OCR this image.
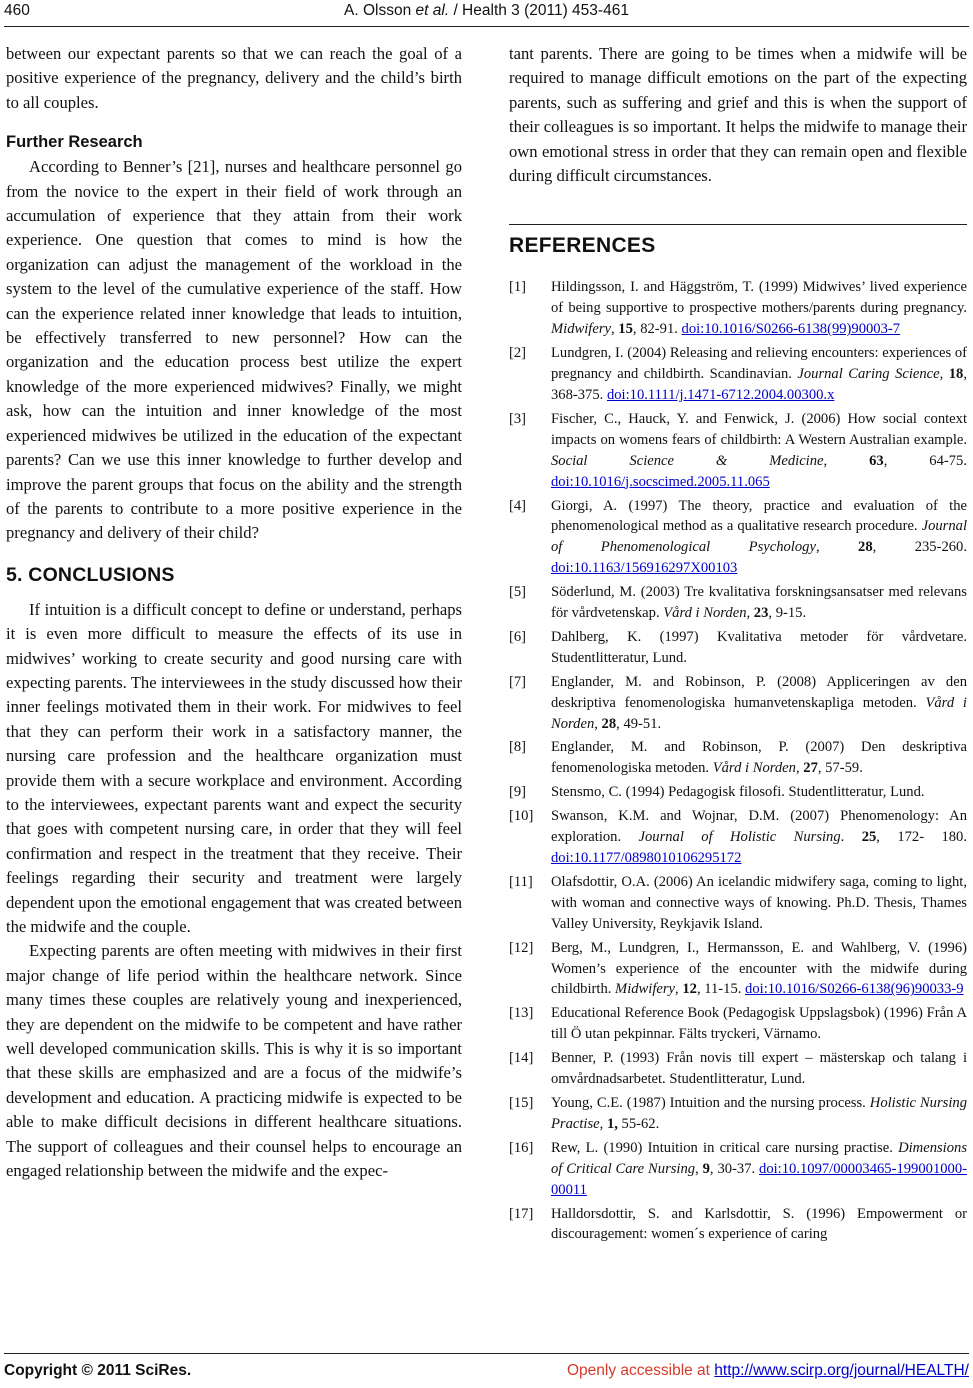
460	A. Olsson et al. / Health 3 (2011) 453-461

between our expectant parents so that we can reach the goal of a positive experience of the pregnancy, delivery and the child’s birth to all couples.

Further Research

According to Benner’s [21], nurses and healthcare personnel go from the novice to the expert in their field of work through an accumulation of experience that they attain from their work experience. One question that comes to mind is how the organization can adjust the management of the workload in the system to the level of the cumulative experience of the staff. How can the experience related inner knowledge that leads to intuition, be effectively transferred to new personnel? How can the organization and the education process best utilize the expert knowledge of the more experienced midwives? Finally, we might ask, how can the intuition and inner knowledge of the most experienced midwives be utilized in the education of the expectant parents? Can we use this inner knowledge to further develop and improve the parent groups that focus on the ability and the strength of the parents to contribute to a more positive experience in the pregnancy and delivery of their child?

5. CONCLUSIONS

If intuition is a difficult concept to define or understand, perhaps it is even more difficult to measure the effects of its use in midwives’ working to create security and good nursing care with expecting parents. The interviewees in the study discussed how their inner feelings motivated them in their work. For midwives to feel that they can perform their work in a satisfactory manner, the nursing care profession and the healthcare organization must provide them with a secure workplace and environment. According to the interviewees, expectant parents want and expect the security that goes with competent nursing care, in order that they will feel confirmation and respect in the treatment that they receive. Their feelings regarding their security and treatment were largely dependent upon the emotional engagement that was created between the midwife and the couple.

Expecting parents are often meeting with midwives in their first major change of life period within the healthcare network. Since many times these couples are relatively young and inexperienced, they are dependent on the midwife to be competent and have rather well developed communication skills. This is why it is so important that these skills are emphasized and are a focus of the midwife’s development and education. A practicing midwife is expected to be able to make difficult decisions in different healthcare situations. The support of colleagues and their counsel helps to encourage an engaged relationship between the midwife and the expec-

tant parents. There are going to be times when a midwife will be required to manage difficult emotions on the part of the expecting parents, such as suffering and grief and this is when the support of their colleagues is so important. It helps the midwife to manage their own emotional stress in order that they can remain open and flexible during difficult circumstances.

REFERENCES
[1] Hildingsson, I. and Häggström, T. (1999) Midwives’ lived experience of being supportive to prospective mothers/parents during pregnancy. Midwifery, 15, 82-91. doi:10.1016/S0266-6138(99)90003-7
[2] Lundgren, I. (2004) Releasing and relieving encounters: experiences of pregnancy and childbirth. Scandinavian. Journal Caring Science, 18, 368-375. doi:10.1111/j.1471-6712.2004.00300.x
[3] Fischer, C., Hauck, Y. and Fenwick, J. (2006) How social context impacts on womens fears of childbirth: A Western Australian example. Social Science & Medicine, 63, 64-75. doi:10.1016/j.socscimed.2005.11.065
[4] Giorgi, A. (1997) The theory, practice and evaluation of the phenomenological method as a qualitative research procedure. Journal of Phenomenological Psychology, 28, 235-260. doi:10.1163/156916297X00103
[5] Söderlund, M. (2003) Tre kvalitativa forskningsansatser med relevans för vårdvetenskap. Vård i Norden, 23, 9-15.
[6] Dahlberg, K. (1997) Kvalitativa metoder för vårdvetare. Studentlitteratur, Lund.
[7] Englander, M. and Robinson, P. (2008) Appliceringen av den deskriptiva fenomenologiska humanvetenskapliga metoden. Vård i Norden, 28, 49-51.
[8] Englander, M. and Robinson, P. (2007) Den deskriptiva fenomenologiska metoden. Vård i Norden, 27, 57-59.
[9] Stensmo, C. (1994) Pedagogisk filosofi. Studentlitteratur, Lund.
[10] Swanson, K.M. and Wojnar, D.M. (2007) Phenomenology: An exploration. Journal of Holistic Nursing. 25, 172- 180. doi:10.1177/0898010106295172
[11] Olafsdottir, O.A. (2006) An icelandic midwifery saga, coming to light, with woman and connective ways of knowing. Ph.D. Thesis, Thames Valley University, Reykjavik Island.
[12] Berg, M., Lundgren, I., Hermansson, E. and Wahlberg, V. (1996) Women’s experience of the encounter with the midwife during childbirth. Midwifery, 12, 11-15. doi:10.1016/S0266-6138(96)90033-9
[13] Educational Reference Book (Pedagogisk Uppslagsbok) (1996) Från A till Ö utan pekpinnar. Fälts tryckeri, Värnamo.
[14] Benner, P. (1993) Från novis till expert – mästerskap och talang i omvårdnadsarbetet. Studentlitteratur, Lund.
[15] Young, C.E. (1987) Intuition and the nursing process. Holistic Nursing Practise, 1, 55-62.
[16] Rew, L. (1990) Intuition in critical care nursing practise. Dimensions of Critical Care Nursing, 9, 30-37. doi:10.1097/00003465-199001000-00011
[17] Halldorsdottir, S. and Karlsdottir, S. (1996) Empowerment or discouragement: women´s experience of caring
Copyright © 2011 SciRes.	Openly accessible at http://www.scirp.org/journal/HEALTH/
